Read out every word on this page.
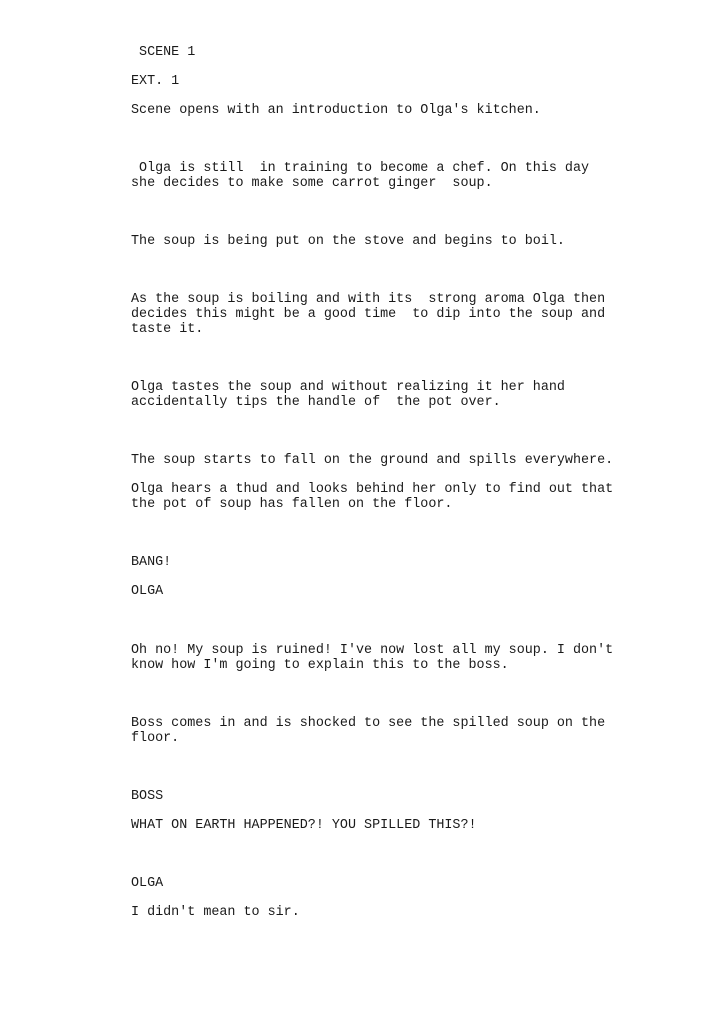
SCENE 1

EXT. 1

Scene opens with an introduction to Olga's kitchen.

Olga is still  in training to become a chef. On this day

she decides to make some carrot ginger  soup.

The soup is being put on the stove and begins to boil.

As the soup is boiling and with its  strong aroma Olga then

decides this might be a good time  to dip into the soup and

taste it.

Olga tastes the soup and without realizing it her hand

accidentally tips the handle of  the pot over.

The soup starts to fall on the ground and spills everywhere.

Olga hears a thud and looks behind her only to find out that

the pot of soup has fallen on the floor.

BANG!

OLGA

Oh no! My soup is ruined! I've now lost all my soup. I don't

know how I'm going to explain this to the boss.

Boss comes in and is shocked to see the spilled soup on the

floor.

BOSS

WHAT ON EARTH HAPPENED?! YOU SPILLED THIS?!

OLGA

I didn't mean to sir.
